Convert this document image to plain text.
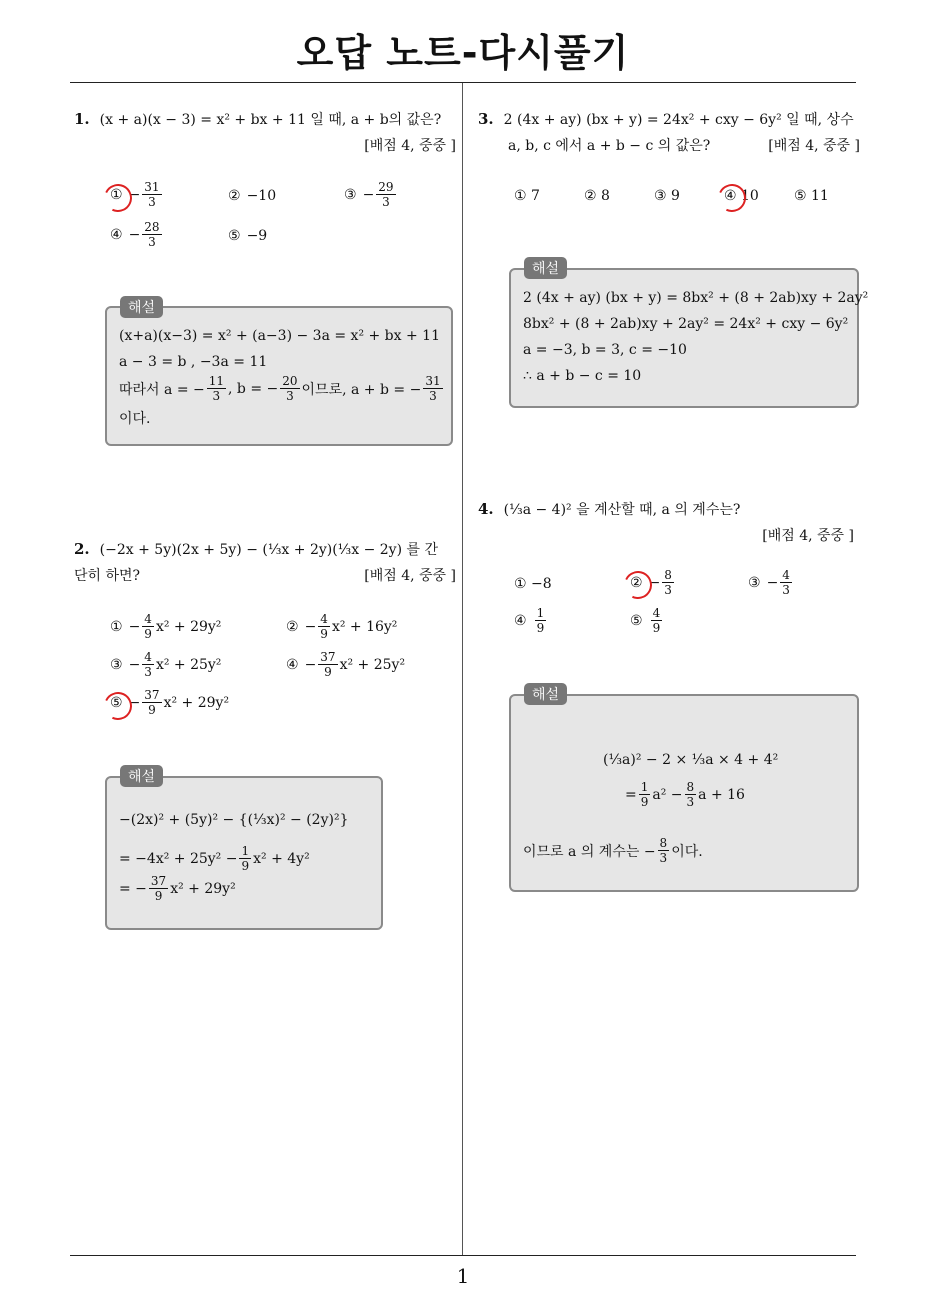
오답 노트-다시풀기
1. (x + a)(x − 3) = x² + bx + 11 일 때, a + b의 값은?
[배점 4, 중중 ]
① − $\frac{31}{3}$	② −10	③ − $\frac{29}{3}$
④ − $\frac{28}{3}$	⑤ −9
(x+a)(x−3) = x² + (a−3) − 3a = x² + bx + 11
a − 3 = b , −3a = 11
따라서 a = − $\frac{11}{3}$ , b = − $\frac{20}{3}$ 이므로, a + b = − $\frac{31}{3}$
이다.
해설
2. (−2x + 5y)(2x + 5y) − (⅓x + 2y)(⅓x − 2y) 를 간
단히 하면?	[배점 4, 중중 ]
① − $\frac{4}{9} x^2 + 29y^2$	② − $\frac{4}{9} x^2 + 16y^2$
③ − $\frac{4}{3} x^2 + 25y^2$	④ − $\frac{37}{9} x^2 + 25y^2$
⑤ − $\frac{37}{9} x^2 + 29y^2$
−(2x)² + (5y)² − {(⅓x)² − (2y)²}
= $-4x^2 + 25y^2 - \frac{1}{9} x^2 + 4y^2$
= − $\frac{37}{9} x^2 + 29y^2$
해설
3. 2 (4x + ay) (bx + y) = 24x² + cxy − 6y² 일 때, 상수
a, b, c 에서 a + b − c 의 값은?	[배점 4, 중중 ]
① 7	② 8	③ 9	④ 10	⑤ 11
2 (4x + ay) (bx + y) = 8bx² + (8 + 2ab)xy + 2ay²
8bx² + (8 + 2ab)xy + 2ay² = 24x² + cxy − 6y²
a = −3, b = 3, c = −10
∴ a + b − c = 10
해설
4. (⅓a − 4)² 을 계산할 때, a 의 계수는?
[배점 4, 중중 ]
① −8	② − $\frac{8}{3}$	③ − $\frac{4}{3}$
④ $\frac{1}{9}$	⑤ $\frac{4}{9}$
(⅓a)² − 2 × ⅓a × 4 + 4²
= $\frac{1}{9} a^2 - \frac{8}{3}$ a + 16
이므로 a 의 계수는 − $\frac{8}{3}$ 이다.
해설
1
